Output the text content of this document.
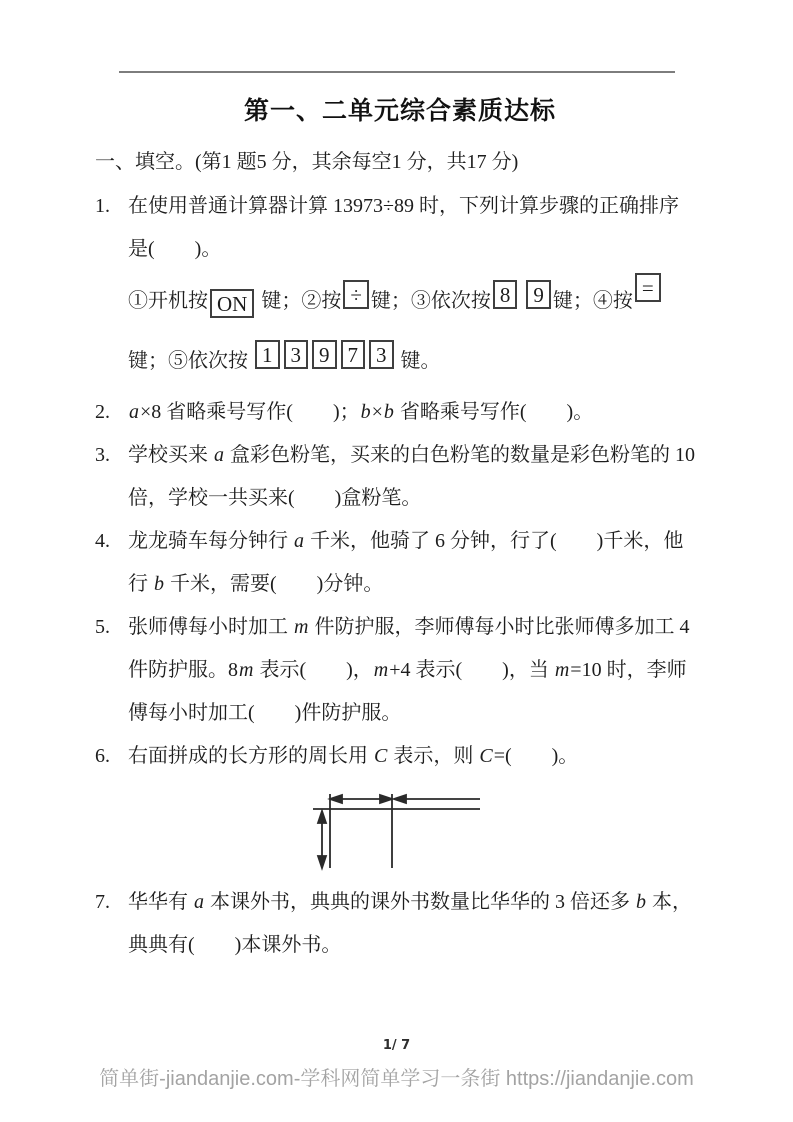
第一、二单元综合素质达标
一、填空。(第1 题5 分，其余每空1 分，共17 分)
1. 在使用普通计算器计算 13973÷89 时，下列计算步骤的正确排序
是(　　)。
①开机按 ON 键；②按 ÷ 键；③依次按 8 9 键；④按=
键；⑤依次按 1 3 9 7 3 键。
2. a×8 省略乘号写作(　　)；b×b 省略乘号写作(　　)。
3. 学校买来 a 盒彩色粉笔，买来的白色粉笔的数量是彩色粉笔的 10
倍，学校一共买来(　　)盒粉笔。
4. 龙龙骑车每分钟行 a 千米，他骑了 6 分钟，行了(　　)千米，他
行 b 千米，需要(　　)分钟。
5. 张师傅每小时加工 m 件防护服，李师傅每小时比张师傅多加工 4
件防护服。8m 表示(　　)，m+4 表示(　　)，当 m=10 时，李师
傅每小时加工(　　)件防护服。
6. 右面拼成的长方形的周长用 C 表示，则 C=(　　)。
7. 华华有 a 本课外书，典典的课外书数量比华华的 3 倍还多 b 本，
典典有(　　)本课外书。
1/ 7
简单街-jiandanjie.com-学科网简单学习一条街 https://jiandanjie.com
